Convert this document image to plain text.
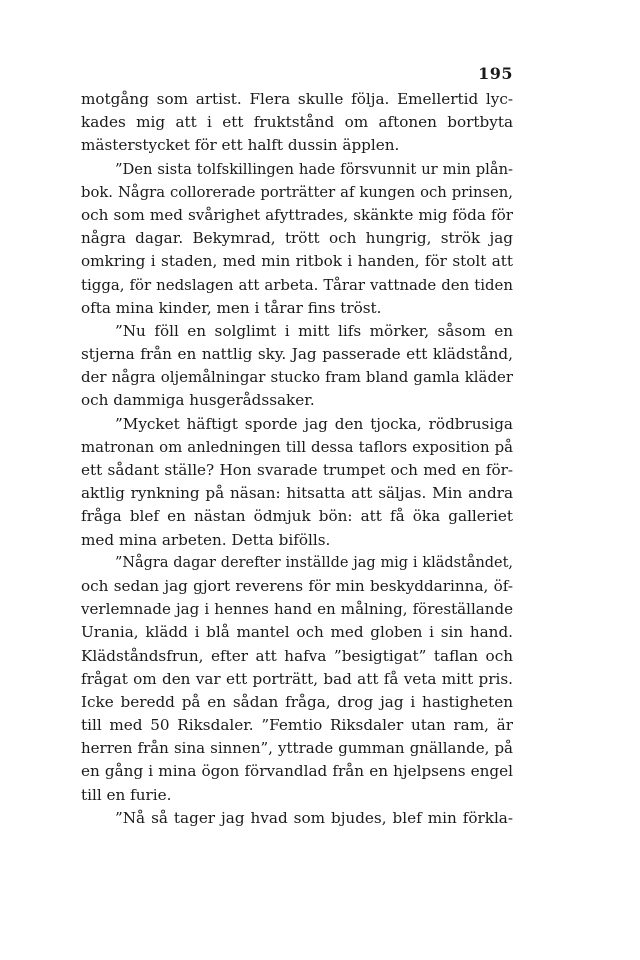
195
motgång som artist. Flera skulle följa. Emellertid lyc-
kades mig att i ett fruktstånd om aftonen bortbyta
mästerstycket för ett halft dussin äpplen.
”Den sista tolfskillingen hade försvunnit ur min plån-
bok. Några collorerade porträtter af kungen och prinsen,
och som med svårighet afyttrades, skänkte mig föda för
några dagar. Bekymrad, trött och hungrig, strök jag
omkring i staden, med min ritbok i handen, för stolt att
tigga, för nedslagen att arbeta. Tårar vattnade den tiden
ofta mina kinder, men i tårar fins tröst.
”Nu föll en solglimt i mitt lifs mörker, såsom en
stjerna från en nattlig sky. Jag passerade ett klädstånd,
der några oljemålningar stucko fram bland gamla kläder
och dammiga husgerådssaker.
”Mycket häftigt sporde jag den tjocka, rödbrusiga
matronan om anledningen till dessa taflors exposition på
ett sådant ställe? Hon svarade trumpet och med en för-
aktlig rynkning på näsan: hitsatta att säljas. Min andra
fråga blef en nästan ödmjuk bön: att få öka galleriet
med mina arbeten. Detta bifölls.
”Några dagar derefter inställde jag mig i klädståndet,
och sedan jag gjort reverens för min beskyddarinna, öf-
verlemnade jag i hennes hand en målning, föreställande
Urania, klädd i blå mantel och med globen i sin hand.
Klädståndsfrun, efter att hafva ”besigtigat” taflan och
frågat om den var ett porträtt, bad att få veta mitt pris.
Icke beredd på en sådan fråga, drog jag i hastigheten
till med 50 Riksdaler. ”Femtio Riksdaler utan ram, är
herren från sina sinnen”, yttrade gumman gnällande, på
en gång i mina ögon förvandlad från en hjelpsens engel
till en furie.
”Nå så tager jag hvad som bjudes, blef min förkla-
